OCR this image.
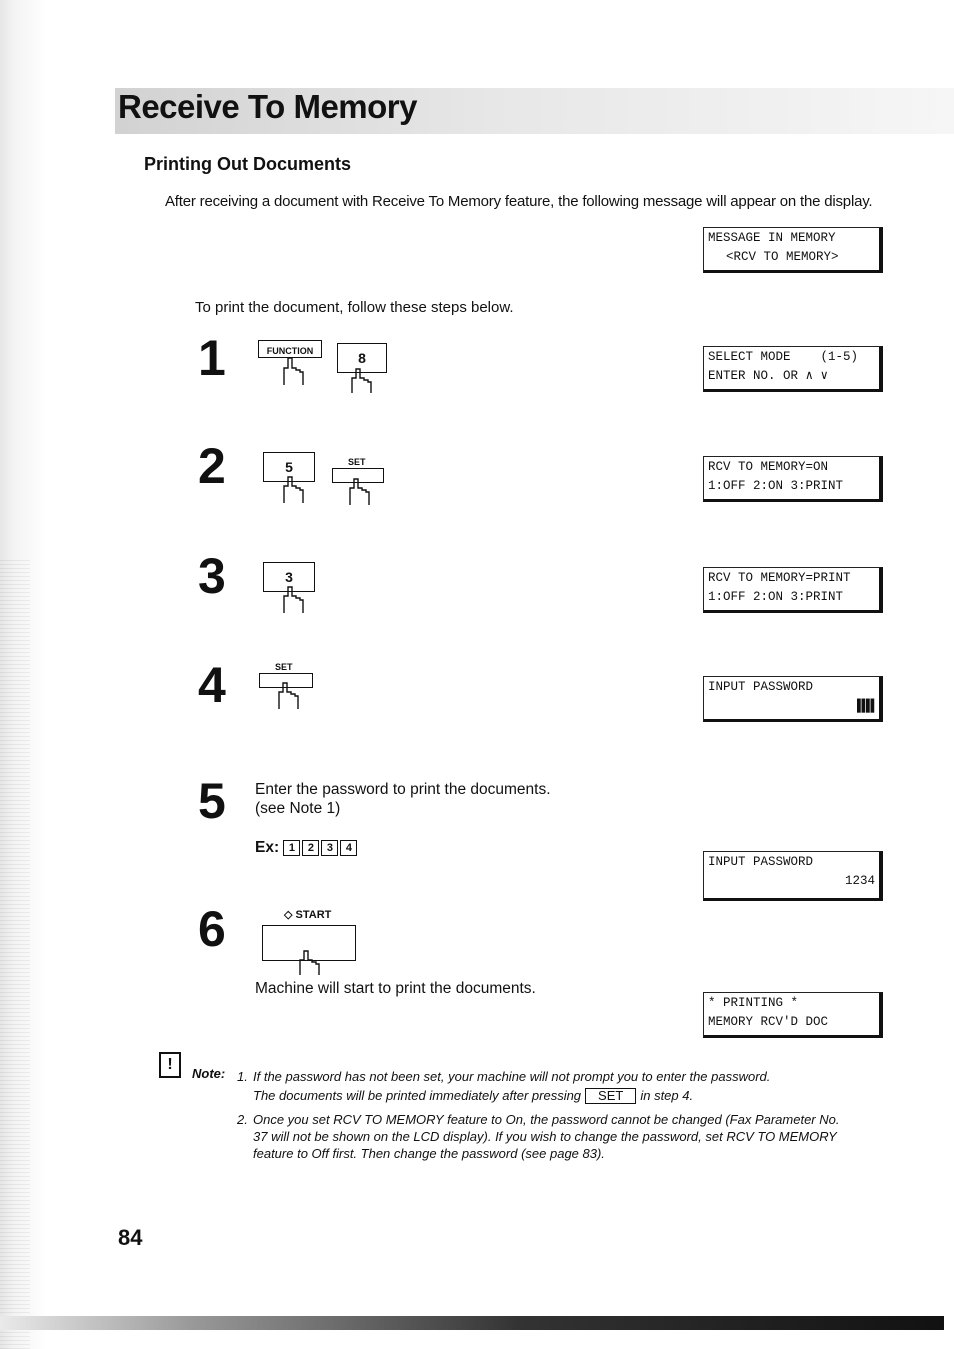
Receive To Memory
Printing Out Documents
After receiving a document with Receive To Memory feature, the following message will appear on the display.
MESSAGE IN MEMORY
<RCV TO MEMORY>
To print the document, follow these steps below.
1	FUNCTION	8	SELECT MODE    (1-5)
ENTER NO. OR ∧ ∨
2	5	SET	RCV TO MEMORY=ON
1:OFF 2:ON 3:PRINT
3	3	RCV TO MEMORY=PRINT
1:OFF 2:ON 3:PRINT
4	SET
INPUT PASSWORD
▌▌▌▌
5 Enter the password to print the documents.
(see Note 1)
Ex: 1 2 3 4
INPUT PASSWORD
1234
6	◇ START
Machine will start to print the documents.
* PRINTING *
MEMORY RCV'D DOC
!
Note: 1. If the password has not been set, your machine will not prompt you to enter the password.
The documents will be printed immediately after pressing SET in step 4.
2. Once you set RCV TO MEMORY feature to On, the password cannot be changed (Fax Parameter No.
37 will not be shown on the LCD display). If you wish to change the password, set RCV TO MEMORY
feature to Off first. Then change the password (see page 83).
84
